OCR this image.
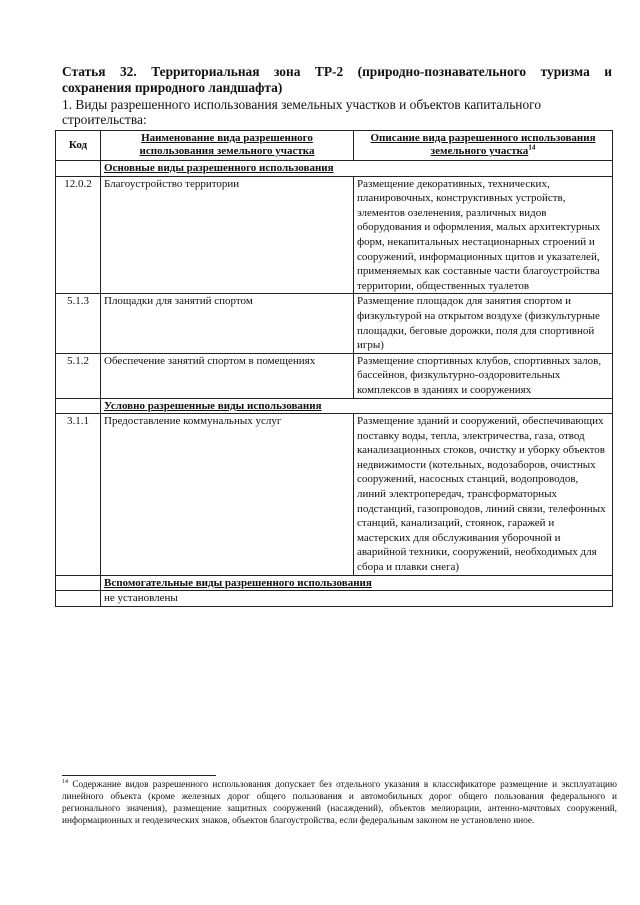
Статья 32. Территориальная зона ТР-2 (природно-познавательного туризма и
сохранения природного ландшафта)
1. Виды разрешенного использования земельных участков и объектов капитального строительства:
Код	Наименование вида разрешенного использования земельного участка	Описание вида разрешенного использования земельного участка$^{14}$
	Основные виды разрешенного использования	
12.0.2	Благоустройство территории	Размещение декоративных, технических, планировочных, конструктивных устройств, элементов озеленения, различных видов оборудования и оформления, малых архитектурных форм, некапитальных нестационарных строений и сооружений, информационных щитов и указателей, применяемых как составные части благоустройства территории, общественных туалетов
5.1.3	Площадки для занятий спортом	Размещение площадок для занятия спортом и физкультурой на открытом воздухе (физкультурные площадки, беговые дорожки, поля для спортивной игры)
5.1.2	Обеспечение занятий спортом в помещениях	Размещение спортивных клубов, спортивных залов, бассейнов, физкультурно-оздоровительных комплексов в зданиях и сооружениях
	Условно разрешенные виды использования	
3.1.1	Предоставление коммунальных услуг	Размещение зданий и сооружений, обеспечивающих поставку воды, тепла, электричества, газа, отвод канализационных стоков, очистку и уборку объектов недвижимости (котельных, водозаборов, очистных сооружений, насосных станций, водопроводов, линий электропередач, трансформаторных подстанций, газопроводов, линий связи, телефонных станций, канализаций, стоянок, гаражей и мастерских для обслуживания уборочной и аварийной техники, сооружений, необходимых для сбора и плавки снега)
	Вспомогательные виды разрешенного использования	
	не установлены	
$^{14}$ Содержание видов разрешенного использования допускает без отдельного указания в классификаторе размещение и эксплуатацию линейного объекта (кроме железных дорог общего пользования и автомобильных дорог общего пользования федерального и регионального значения), размещение защитных сооружений (насаждений), объектов мелиорации, антенно-мачтовых сооружений, информационных и геодезических знаков, объектов благоустройства, если федеральным законом не установлено иное.
